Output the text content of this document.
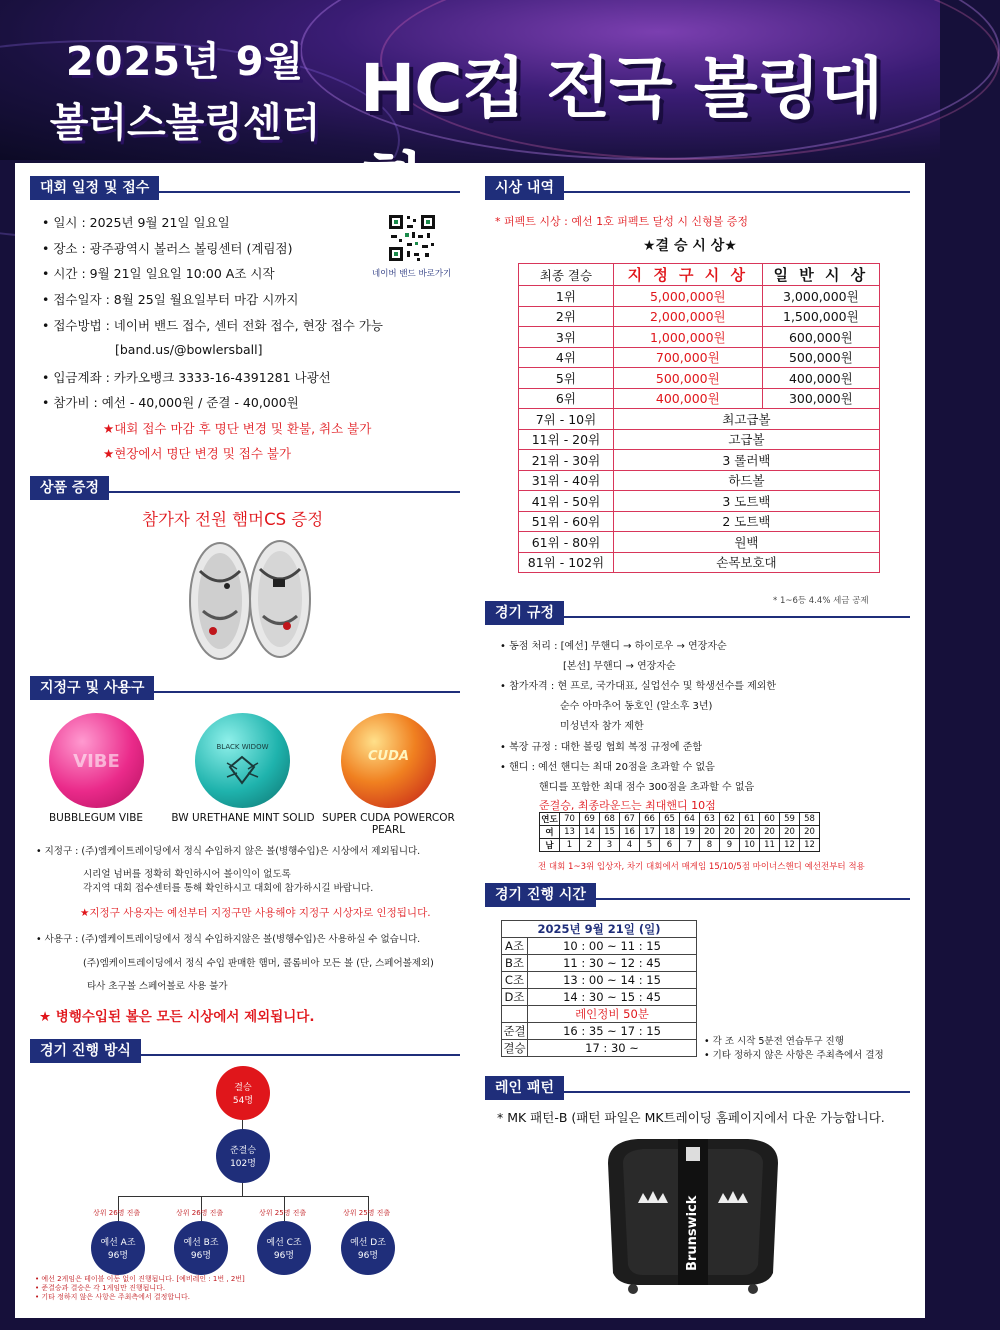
2025년 9월
볼러스볼링센터 HC컵 전국 볼링대
대회 일정 및 접수
• 일시 : 2025년 9월 21일 일요일
• 장소 : 광주광역시 볼러스 볼링센터 (계림점)
• 시간 : 9월 21일 일요일 10:00 A조 시작
• 접수일자 : 8월 25일 월요일부터 마감 시까지
• 접수방법 : 네이버 밴드 접수, 센터 전화 접수, 현장 접수 가능
[band.us/@bowlersball]
• 입금계좌 : 카카오뱅크 3333-16-4391281 나광선
• 참가비 : 예선 - 40,000원 / 준결 - 40,000원
★대회 접수 마감 후 명단 변경 및 환불, 취소 불가
★현장에서 명단 변경 및 접수 불가
네이버 밴드 바로가기
상품 증정
참가자 전원 햄머CS 증정
지정구 및 사용구
VIBE
BLACK WIDOW
CUDA
BUBBLEGUM VIBE	BW URETHANE MINT SOLID SUPER CUDA POWERCOR PEARL
• 지정구 : (주)엠케이트레이딩에서 정식 수입하지 않은 볼(병행수입)은 시상에서 제외됩니다.
시리얼 넘버를 정확히 확인하시어 볼이익이 없도록
각지역 대회 접수센터를 통해 확인하시고 대회에 참가하시길 바랍니다.
★지정구 사용자는 예선부터 지정구만 사용해야 지정구 시상자로 인정됩니다.
• 사용구 : (주)엠케이트레이딩에서 정식 수입하지않은 볼(병행수입)은 사용하실 수 없습니다.
(주)엠케이트레이딩에서 정식 수입 판매한 햄머, 콜롬비아 모든 볼 (단, 스페어볼제외)
타사 초구볼 스페어볼로 사용 불가
★ 병행수입된 볼은 모든 시상에서 제외됩니다.
경기 진행 방식
결승
54명
준결승
102명
상위 26명 진출	상위 26명 진출	상위 25명 진출	상위 25명 진출
예선 A조
96명
예선 B조
96명
예선 C조
96명
예선 D조
96명
• 예선 2게임은 테이블 이동 없이 진행됩니다. [예비레인 : 1번 , 2번]
• 준결승과 결승은 각 1게임만 진행됩니다.
• 기타 정하지 않은 사항은 주최측에서 결정합니다.
시상 내역
* 퍼펙트 시상 : 예선 1호 퍼펙트 달성 시 신형볼 증정
★결 승 시 상★
최종 결승	지 정 구 시 상	일 반 시 상
1위	5,000,000원	3,000,000원
2위	2,000,000원	1,500,000원
3위	1,000,000원	600,000원
4위	700,000원	500,000원
5위	500,000원	400,000원
6위	400,000원	300,000원
7위 - 10위	최고급볼	
11위 - 20위	고급볼	
21위 - 30위	3 롤러백	
31위 - 40위	하드볼	
41위 - 50위	3 도트백	
51위 - 60위	2 도트백	
61위 - 80위	원백	
81위 - 102위	손목보호대	
* 1~6등 4.4% 세금 공제
경기 규정
• 동점 처리 : [예선] 무핸디 → 하이로우 → 연장자순
[본선] 무핸디 → 연장자순
• 참가자격 : 현 프로, 국가대표, 실업선수 및 학생선수를 제외한
순수 아마추어 동호인 (알소후 3년)
미성년자 참가 제한
• 복장 규정 : 대한 볼링 협회 복정 규정에 준함
• 핸디 : 예선 핸디는 최대 20점을 초과할 수 없음
핸디를 포함한 최대 점수 300점을 초과할 수 없음
준결승, 최종라운드는 최대핸디 10점
연도	70	69	68	67	66	65	64	63	62	61	60	59	58
여	13	14	15	16	17	18	19	20	20	20	20	20	20
남	1	2	3	4	5	6	7	8	9	10	11	12	12
전 대회 1~3위 입상자, 차기 대회에서 매게임 15/10/5점 마이너스핸디 예선전부터 적용
경기 진행 시간
2025년 9월 21일 (일)	
A조	10 : 00 ~ 11 : 15
B조	11 : 30 ~ 12 : 45
C조	13 : 00 ~ 14 : 15
D조	14 : 30 ~ 15 : 45
	레인정비 50분
준결	16 : 35 ~ 17 : 15
결승	17 : 30 ~	• 각 조 시작 5분전 연습투구 진행
• 기타 정하지 않은 사항은 주최측에서 결정
레인 패턴
* MK 패턴-B (패턴 파일은 MK트레이딩 홈페이지에서 다운 가능합니다.
Brunswick
